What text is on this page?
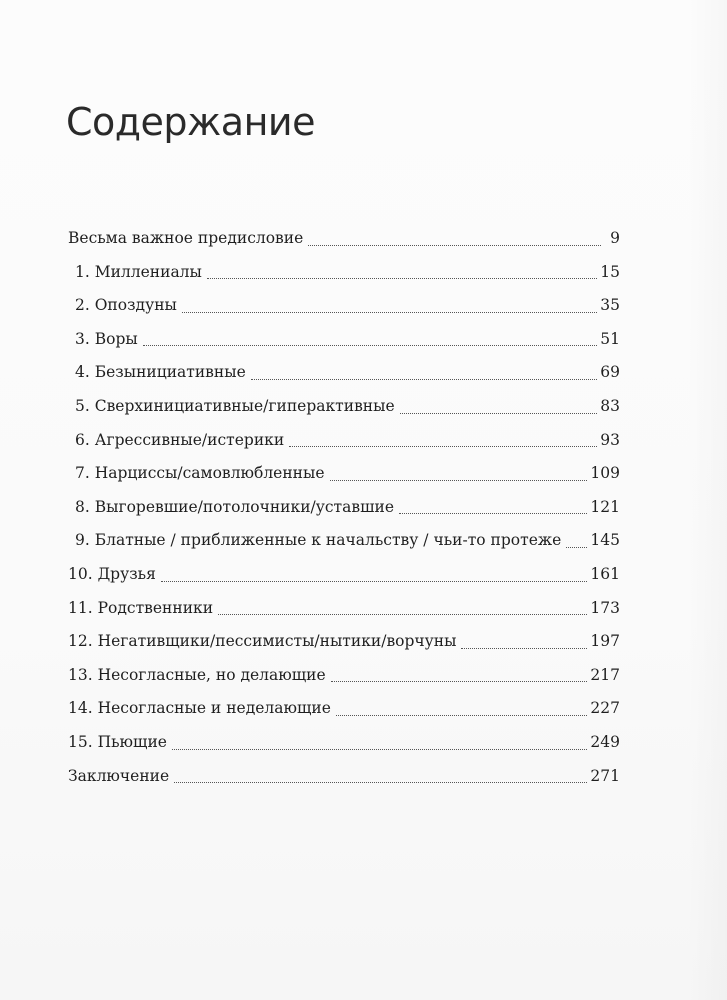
Содержание
Весьма важное предисловие	9
1. Миллениалы	15
2. Опоздуны	35
3. Воры	51
4. Безынициативные	69
5. Сверхинициативные/гиперактивные	83
6. Агрессивные/истерики	93
7. Нарциссы/самовлюбленные	109
8. Выгоревшие/потолочники/уставшие	121
9. Блатные / приближенные к начальству / чьи-то протеже 145
10. Друзья	161
11. Родственники	173
12. Негативщики/пессимисты/нытики/ворчуны	197
13. Несогласные, но делающие	217
14. Несогласные и неделающие	227
15. Пьющие	249
Заключение	271
